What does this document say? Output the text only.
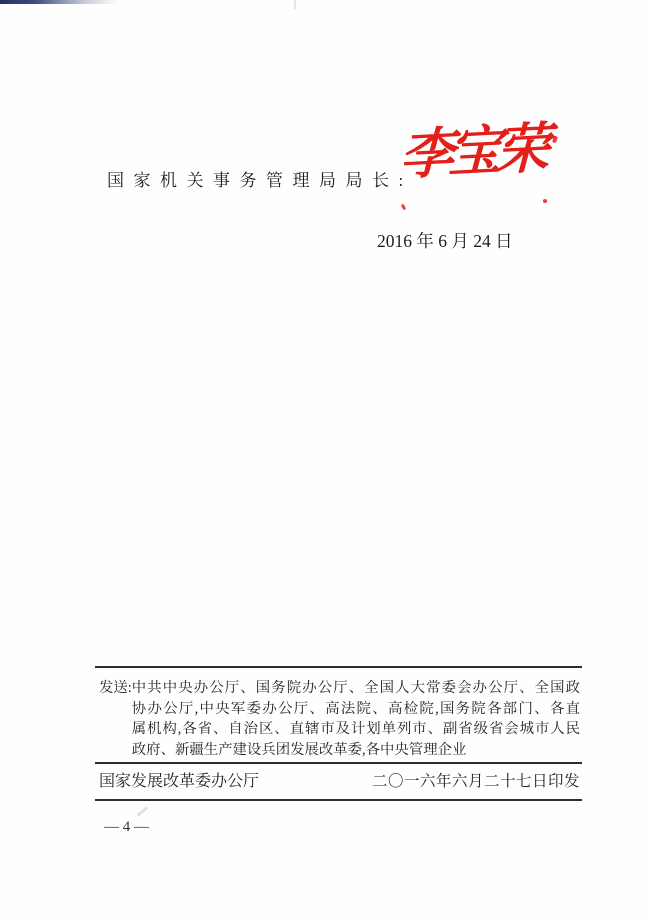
国家机关事务管理局局长:
李宝荣
2016 年 6 月 24 日
发送: 中共中央办公厅、国务院办公厅、全国人大常委会办公厅、全国政
协办公厅,中央军委办公厅、高法院、高检院,国务院各部门、各直
属机构,各省、自治区、直辖市及计划单列市、副省级省会城市人民
政府、新疆生产建设兵团发展改革委,各中央管理企业
国家发展改革委办公厅	二〇一六年六月二十七日印发
— 4 —
